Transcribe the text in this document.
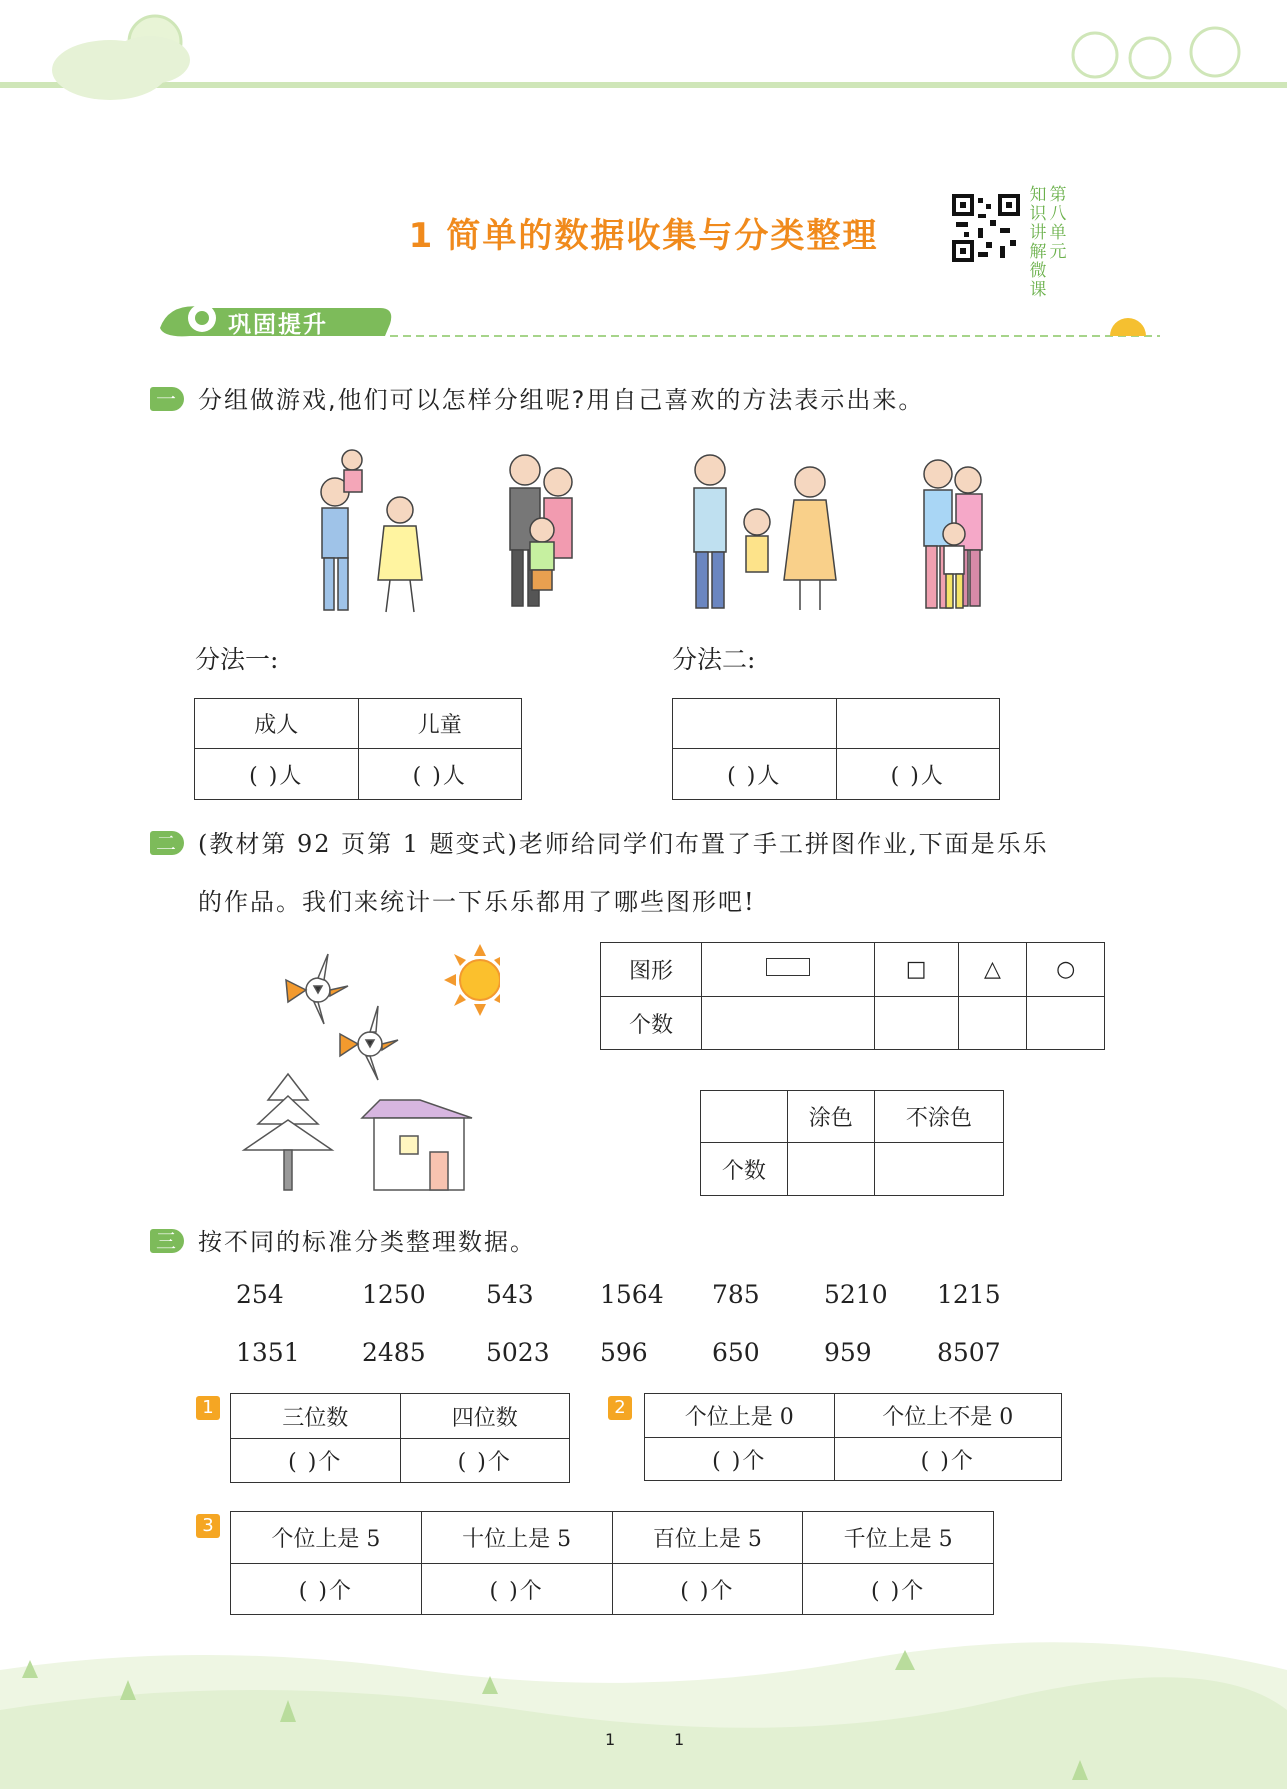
1 简单的数据收集与分类整理
第八单元
知识讲解微课
巩固提升
一 分组做游戏,他们可以怎样分组呢?用自己喜欢的方法表示出来。
分法一:	分法二:
成人	儿童
( )人	( )人
		( )人	( )人
二 (教材第 92 页第 1 题变式)老师给同学们布置了手工拼图作业,下面是乐乐
的作品。我们来统计一下乐乐都用了哪些图形吧!
图形		□	△	○
个数				
	涂色	不涂色
个数		
三 按不同的标准分类整理数据。
254	1250 543	1564 785	5210 1215
1351 2485 5023 596	650	959	8507
1	三位数	四位数
( )个	( )个
2	个位上是 0	个位上不是 0
( )个	( )个
3
个位上是 5	十位上是 5	百位上是 5	千位上是 5
( )个	( )个	( )个	( )个
1	1
